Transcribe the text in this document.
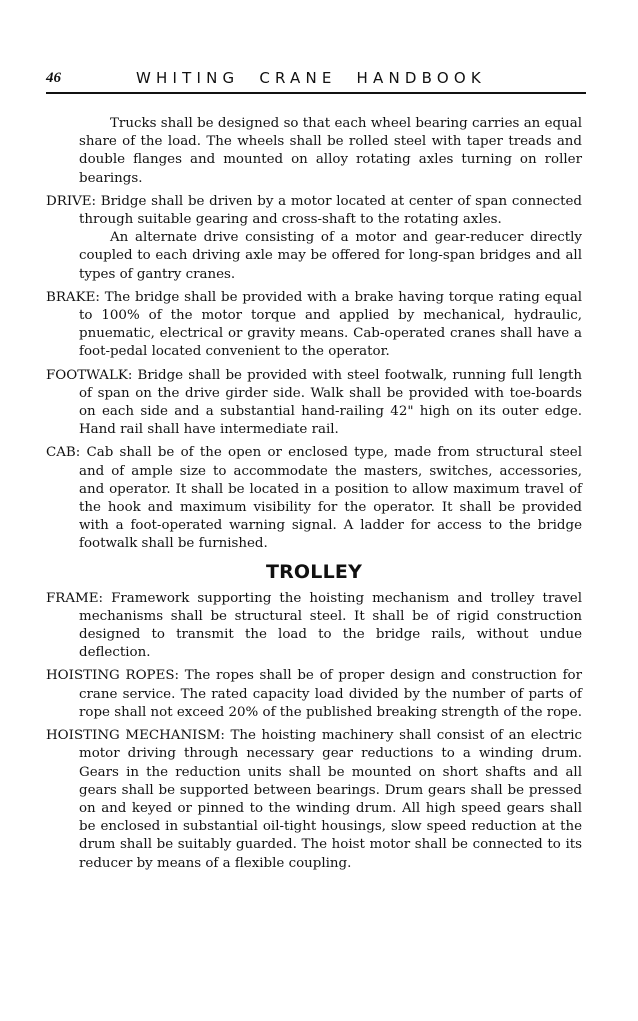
46	WHITING CRANE HANDBOOK

Trucks shall be designed so that each wheel bearing carries an equal share of the load. The wheels shall be rolled steel with taper treads and double flanges and mounted on alloy rotating axles turning on roller bearings.

DRIVE: Bridge shall be driven by a motor located at center of span connected through suitable gearing and cross-shaft to the rotating axles.

An alternate drive consisting of a motor and gear-reducer directly coupled to each driving axle may be offered for long-span bridges and all types of gantry cranes.

BRAKE: The bridge shall be provided with a brake having torque rating equal to 100% of the motor torque and applied by mechanical, hydraulic, pnuematic, electrical or gravity means. Cab-operated cranes shall have a foot-pedal located convenient to the operator.

FOOTWALK: Bridge shall be provided with steel footwalk, running full length of span on the drive girder side. Walk shall be provided with toe-boards on each side and a substantial hand-railing 42" high on its outer edge. Hand rail shall have intermediate rail.

CAB: Cab shall be of the open or enclosed type, made from structural steel and of ample size to accommodate the masters, switches, accessories, and operator. It shall be located in a position to allow maximum travel of the hook and maximum visibility for the operator. It shall be provided with a foot-operated warning signal. A ladder for access to the bridge footwalk shall be furnished.

TROLLEY

FRAME: Framework supporting the hoisting mechanism and trolley travel mechanisms shall be structural steel. It shall be of rigid construction designed to transmit the load to the bridge rails, without undue deflection.

HOISTING ROPES: The ropes shall be of proper design and construction for crane service. The rated capacity load divided by the number of parts of rope shall not exceed 20% of the published breaking strength of the rope.

HOISTING MECHANISM: The hoisting machinery shall consist of an electric motor driving through necessary gear reductions to a winding drum. Gears in the reduction units shall be mounted on short shafts and all gears shall be supported between bearings. Drum gears shall be pressed on and keyed or pinned to the winding drum. All high speed gears shall be enclosed in substantial oil-tight housings, slow speed reduction at the drum shall be suitably guarded. The hoist motor shall be connected to its reducer by means of a flexible coupling.
